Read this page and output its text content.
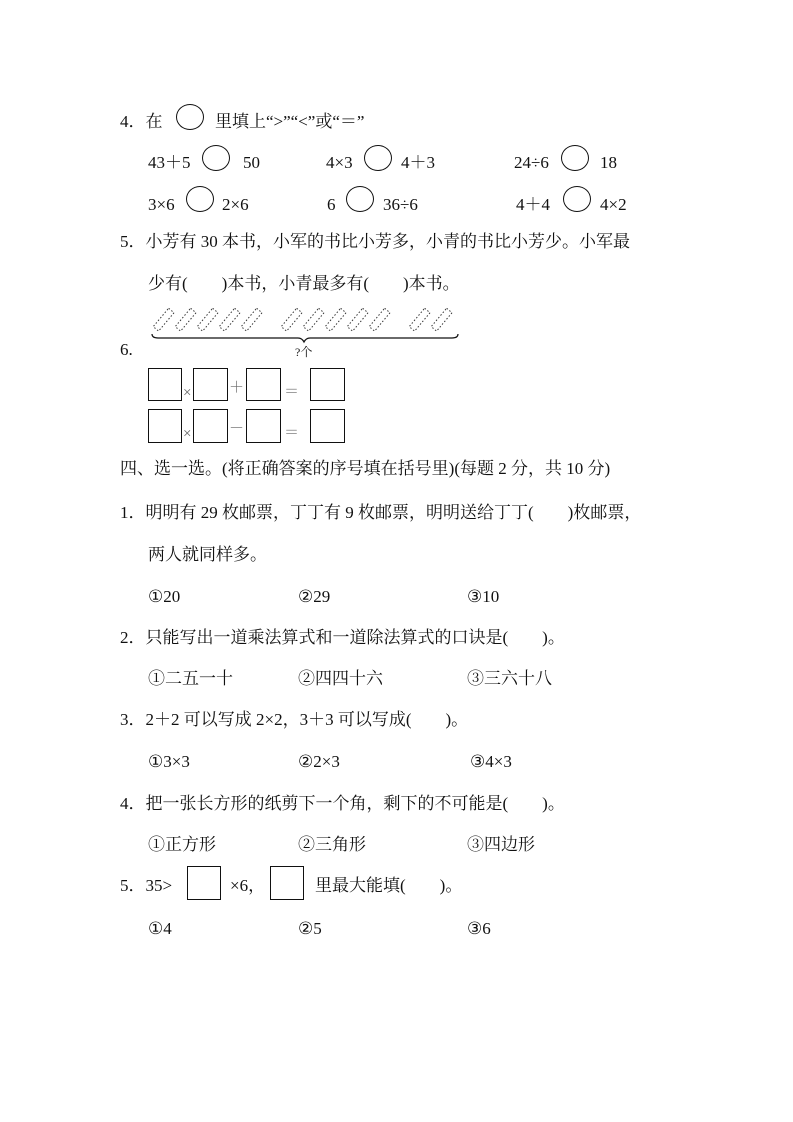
4．在	里填上“>”“<”或“＝”
43＋5	50	4×3	4＋3	24÷6	18
3×6	2×6	6	36÷6	4＋4	4×2
5．小芳有 30 本书，小军的书比小芳多，小青的书比小芳少。小军最
少有(　　)本书，小青最多有(　　)本书。
?个
6.
×	＋	＝
×	－	＝
四、选一选。(将正确答案的序号填在括号里)(每题 2 分，共 10 分)
1．明明有 29 枚邮票，丁丁有 9 枚邮票，明明送给丁丁(　　)枚邮票，
两人就同样多。
①20	②29	③10
2．只能写出一道乘法算式和一道除法算式的口诀是(　　)。
①二五一十	②四四十六	③三六十八
3．2＋2 可以写成 2×2，3＋3 可以写成(　　)。
①3×3	②2×3	③4×3
4．把一张长方形的纸剪下一个角，剩下的不可能是(　　)。
①正方形	②三角形	③四边形
5．35>	×6，	里最大能填(　　)。
①4	②5	③6
